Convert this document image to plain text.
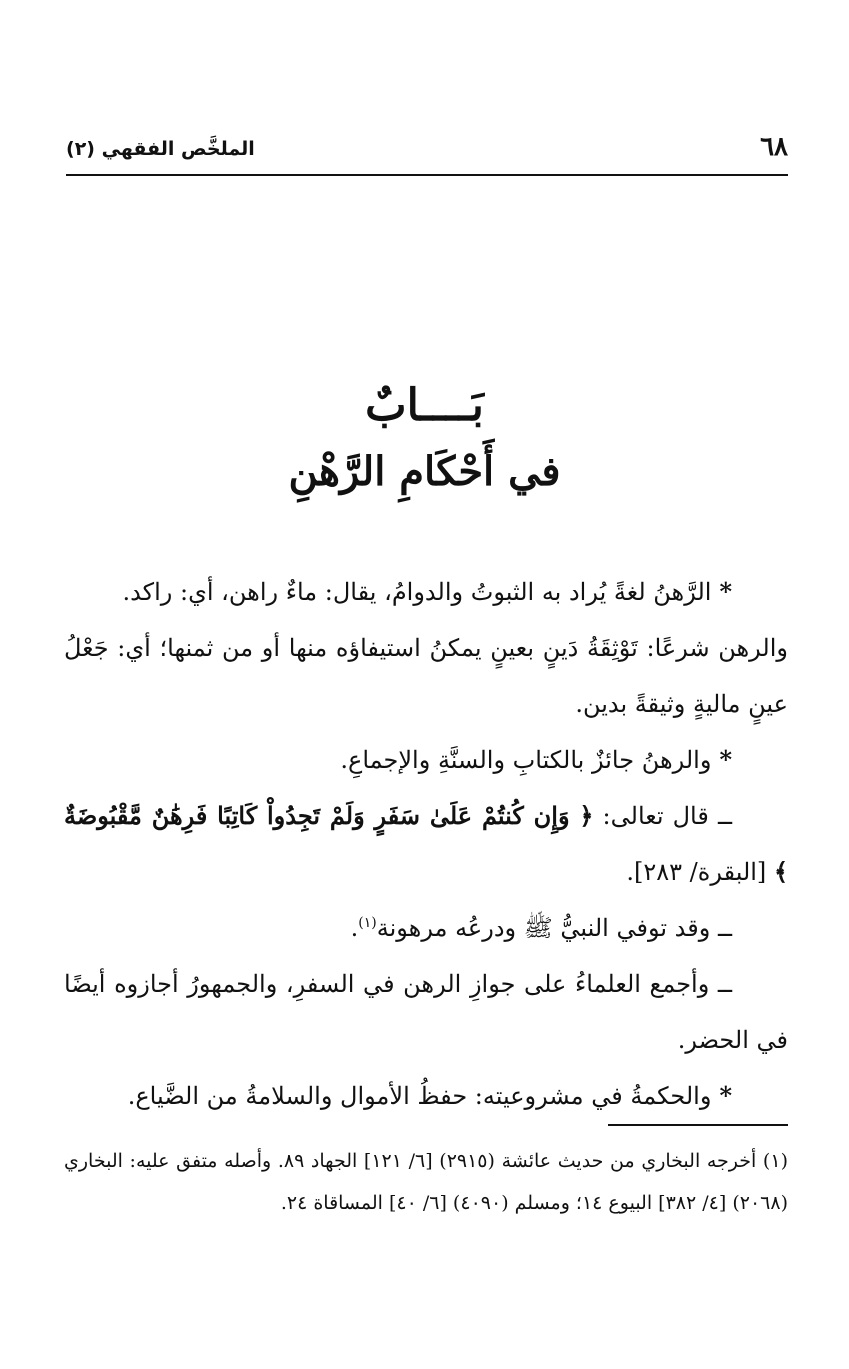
٦٨
الملخَّص الفقهي (٢)
بَــــابٌ
في أَحْكَامِ الرَّهْنِ

*الرَّهنُ لغةً يُراد به الثبوتُ والدوامُ، يقال: ماءٌ راهن، أي: راكد.

والرهن شرعًا: تَوْثِقَةُ دَينٍ بعينٍ يمكنُ استيفاؤه منها أو من ثمنها؛ أي: جَعْلُ عينٍ ماليةٍ وثيقةً بدين.

*والرهنُ جائزٌ بالكتابِ والسنَّةِ والإجماعِ.

ــ قال تعالى: ﴿ وَإِن كُنتُمْ عَلَىٰ سَفَرٍ وَلَمْ تَجِدُواْ كَاتِبًا فَرِهَٰنٌ مَّقْبُوضَةٌ ﴾ [البقرة/ ٢٨٣].

ــ وقد توفي النبيُّ ﷺ ودرعُه مرهونة$^{(١)}$.

ــ وأجمع العلماءُ على جوازِ الرهن في السفرِ، والجمهورُ أجازوه أيضًا في الحضر.

*والحكمةُ في مشروعيته: حفظُ الأموال والسلامةُ من الضَّياع.

(١) أخرجه البخاري من حديث عائشة (٢٩١٥) [٦/ ١٢١] الجهاد ٨٩. وأصله متفق عليه: البخاري (٢٠٦٨) [٤/ ٣٨٢] البيوع ١٤؛ ومسلم (٤٠٩٠) [٦/ ٤٠] المساقاة ٢٤.
